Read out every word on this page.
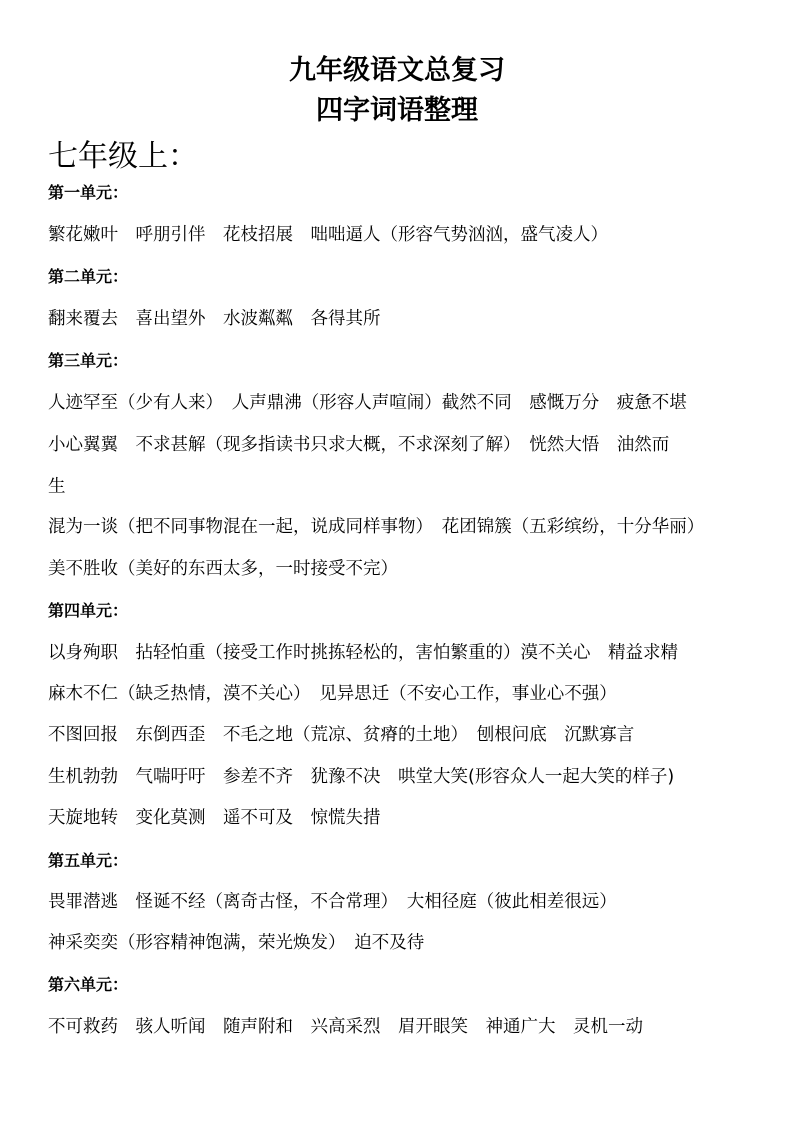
九年级语文总复习
四字词语整理
七年级上：
第一单元：
繁花嫩叶　呼朋引伴　花枝招展　咄咄逼人（形容气势汹汹，盛气凌人）
第二单元：
翻来覆去　喜出望外　水波粼粼　各得其所
第三单元：
人迹罕至（少有人来）　人声鼎沸（形容人声喧闹）截然不同　感慨万分　疲惫不堪
小心翼翼　不求甚解（现多指读书只求大概，不求深刻了解）　恍然大悟　油然而
生
混为一谈（把不同事物混在一起，说成同样事物）　花团锦簇（五彩缤纷，十分华丽）
美不胜收（美好的东西太多，一时接受不完）
第四单元：
以身殉职　拈轻怕重（接受工作时挑拣轻松的，害怕繁重的）漠不关心　精益求精
麻木不仁（缺乏热情，漠不关心）　见异思迁（不安心工作，事业心不强）
不图回报　东倒西歪　不毛之地（荒凉、贫瘠的土地）　刨根问底　沉默寡言
生机勃勃　气喘吁吁　参差不齐　犹豫不决　哄堂大笑(形容众人一起大笑的样子)
天旋地转　变化莫测　遥不可及　惊慌失措
第五单元：
畏罪潜逃　怪诞不经（离奇古怪，不合常理）　大相径庭（彼此相差很远）
神采奕奕（形容精神饱满，荣光焕发）　迫不及待
第六单元：
不可救药　骇人听闻　随声附和　兴高采烈　眉开眼笑　神通广大　灵机一动
